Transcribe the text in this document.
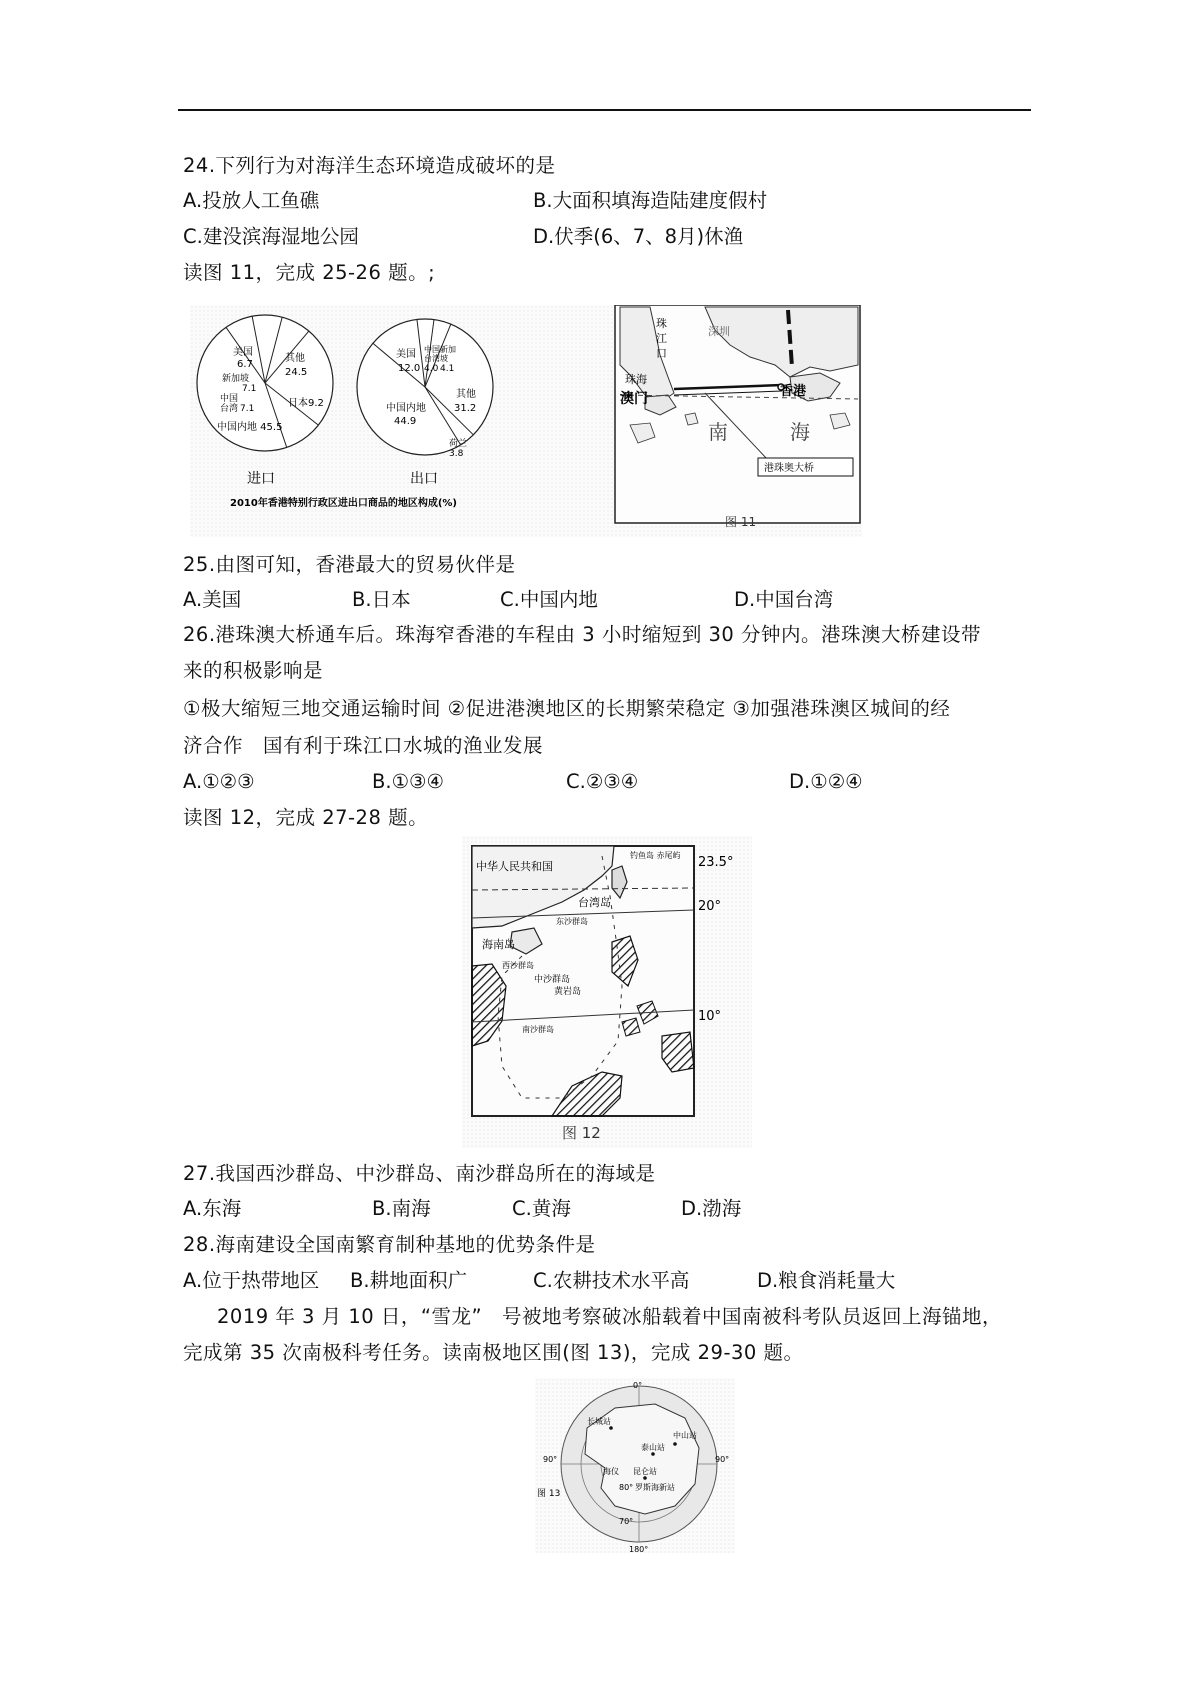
24.下列行为对海洋生态环境造成破坏的是
A.投放人工鱼礁	B.大面积填海造陆建度假村
C.建没滨海湿地公园	D.伏季(6、7、8月)休渔
读图 11，完成 25-26 题。;
美国
6.7
新加坡
7.1
中国
台湾 7.1
其他
24.5
日本9.2
中国内地 45.5
进口
美国
12.0
中国
台湾
4.0
新加
坡
4.1
其他
31.2
中国内地
44.9
荷兰
3.8
出口
2010年香港特别行政区进出口商品的地区构成(%)
珠
江
口
深圳
珠海
澳门	香港
南	海
港珠奥大桥
图 11
25.由图可知，香港最大的贸易伙伴是
A.美国	B.日本	C.中国内地	D.中国台湾
26.港珠澳大桥通车后。珠海窄香港的车程由 3 小时缩短到 30 分钟内。港珠澳大桥建设带
来的积极影响是
①极大缩短三地交通运输时间 ②促进港澳地区的长期繁荣稳定 ③加强港珠澳区城间的经
济合作　国有利于珠江口水城的渔业发展
A.①②③	B.①③④	C.②③④	D.①②④
读图 12，完成 27-28 题。
中华人民共和国
钓鱼岛 赤尾屿
台湾岛
东沙群岛
海南岛
西沙群岛
中沙群岛
黄岩岛
南沙群岛
23.5°
20°
10°
图 12
27.我国西沙群岛、中沙群岛、南沙群岛所在的海域是
A.东海	B.南海	C.黄海	D.渤海
28.海南建设全国南繁育制种基地的优势条件是
A.位于热带地区 B.耕地面积广	C.农耕技术水平高	D.粮食消耗量大
2019 年 3 月 10 日，“雪龙”　号被地考察破冰船载着中国南被科考队员返回上海锚地，
完成第 35 次南极科考任务。读南极地区围(图 13)，完成 29-30 题。
0°
180°
90°	90°
长城站
泰山站
中山站
海仪 昆仑站
80° 罗斯海新站
70°
图 13
